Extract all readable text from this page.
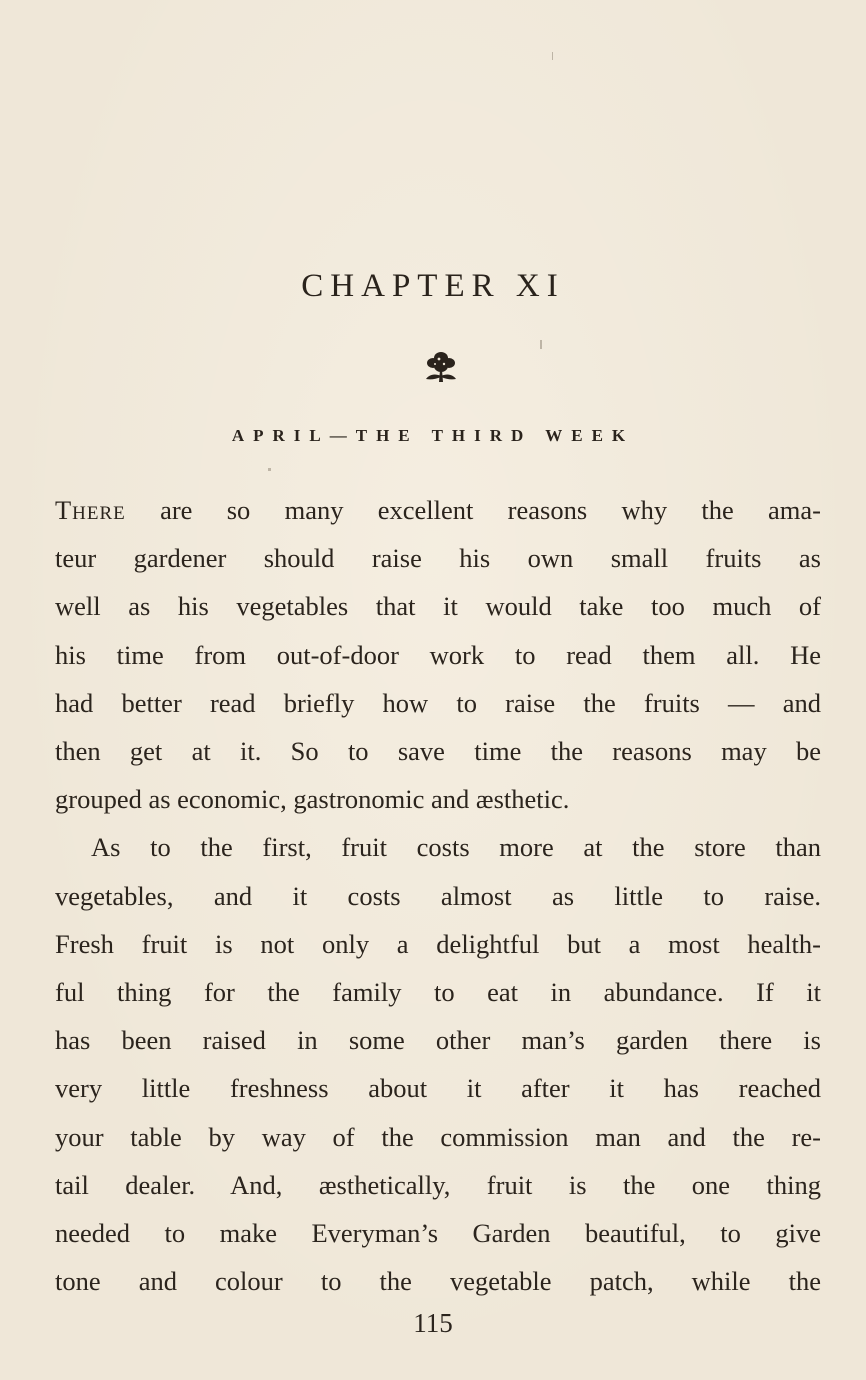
CHAPTER XI
APRIL—THE THIRD WEEK
There are so many excellent reasons why the ama-
teur gardener should raise his own small fruits as
well as his vegetables that it would take too much of
his time from out-of-door work to read them all. He
had better read briefly how to raise the fruits — and
then get at it. So to save time the reasons may be
grouped as economic, gastronomic and æsthetic.
As to the first, fruit costs more at the store than
vegetables, and it costs almost as little to raise.
Fresh fruit is not only a delightful but a most health-
ful thing for the family to eat in abundance. If it
has been raised in some other man’s garden there is
very little freshness about it after it has reached
your table by way of the commission man and the re-
tail dealer. And, æsthetically, fruit is the one thing
needed to make Everyman’s Garden beautiful, to give
tone and colour to the vegetable patch, while the
115
